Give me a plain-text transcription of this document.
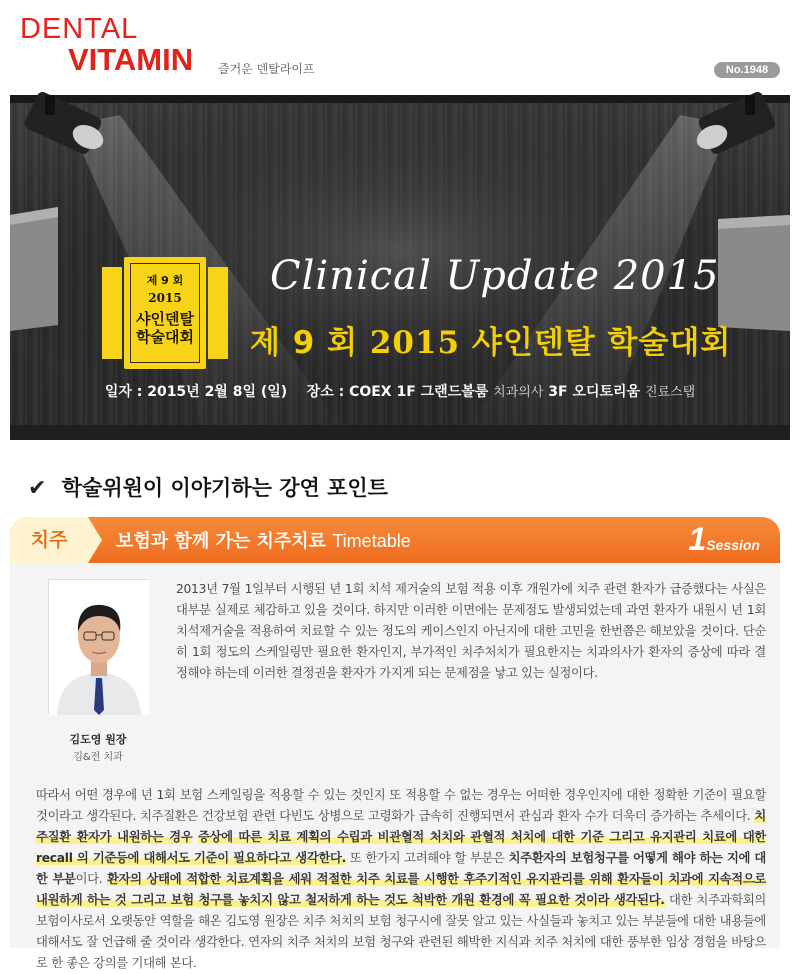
DENTAL
VITAMIN 즐거운 덴탈라이프	No.1948
제 9 회
2015
샤인덴탈
학술대회
Clinical Update 2015
제 9 회 2015 샤인덴탈 학술대회
일자 : 2015년 2월 8일 (일) 장소 : COEX 1F 그랜드볼룸 치과의사 3F 오디토리움 진료스탭
✔ 학술위원이 이야기하는 강연 포인트
치주	보험과 함께 가는 치주치료 Timetable	1Session
김도영 원장
김&전 치과

2013년 7월 1일부터 시행된 년 1회 치석 제거술의 보험 적용 이후 개원가에 치주 관련 환자가 급증했다는 사실은 대부분 실제로 체감하고 있을 것이다. 하지만 이러한 이면에는 문제점도 발생되었는데 과연 환자가 내원시 년 1회 치석제거술을 적용하여 치료할 수 있는 정도의 케이스인지 아닌지에 대한 고민을 한번쯤은 해보았을 것이다. 단순히 1회 정도의 스케일링만 필요한 환자인지, 부가적인 치주처치가 필요한지는 치과의사가 환자의 증상에 따라 결정해야 하는데 이러한 결정권을 환자가 가지게 되는 문제점을 낳고 있는 실정이다.

따라서 어떤 경우에 년 1회 보험 스케일링을 적용할 수 있는 것인지 또 적용할 수 없는 경우는 어떠한 경우인지에 대한 정확한 기준이 필요할 것이라고 생각된다. 치주질환은 건강보험 관련 다빈도 상병으로 고령화가 급속히 진행되면서 관심과 환자 수가 더욱더 증가하는 추세이다. 치주질환 환자가 내원하는 경우 증상에 따른 치료 계획의 수립과 비관혈적 처치와 관혈적 처치에 대한 기준 그리고 유지관리 치료에 대한 recall 의 기준등에 대해서도 기준이 필요하다고 생각한다. 또 한가지 고려해야 할 부분은 치주환자의 보험청구를 어떻게 해야 하는 지에 대한 부분이다. 환자의 상태에 적합한 치료계획을 세워 적절한 치주 치료를 시행한 후주기적인 유지관리를 위해 환자들이 치과에 지속적으로 내원하게 하는 것 그리고 보험 청구를 놓치지 않고 철저하게 하는 것도 척박한 개원 환경에 꼭 필요한 것이라 생각된다. 대한 치주과학회의 보험이사로서 오랫동안 역할을 해온 김도영 원장은 치주 처치의 보험 청구시에 잘못 알고 있는 사실들과 놓치고 있는 부분들에 대한 내용들에 대해서도 잘 언급해 줄 것이라 생각한다. 연자의 치주 처치의 보험 청구와 관련된 해박한 지식과 치주 처치에 대한 풍부한 임상 경험을 바탕으로 한 좋은 강의를 기대해 본다.
